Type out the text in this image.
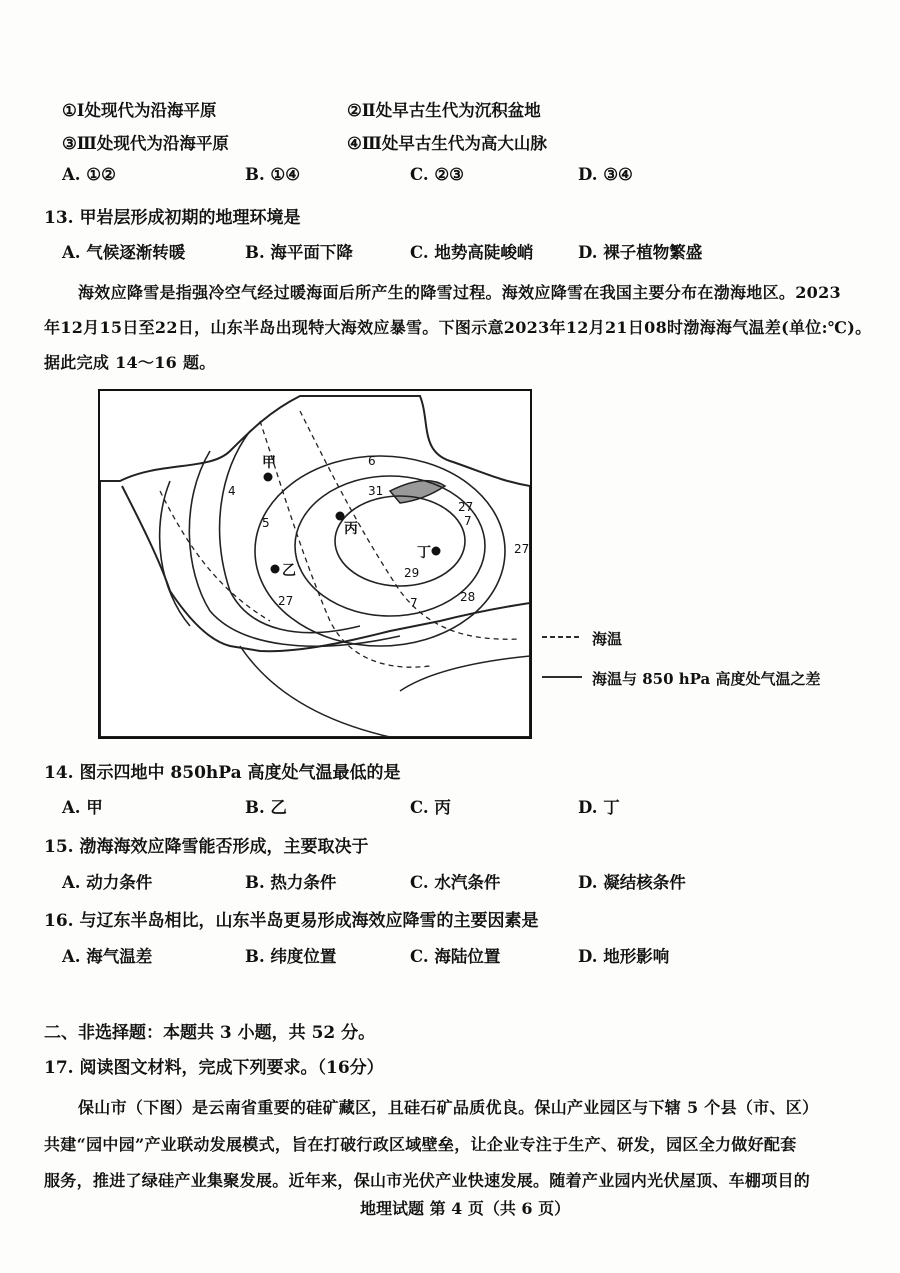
①Ⅰ处现代为沿海平原	②Ⅱ处早古生代为沉积盆地
③Ⅲ处现代为沿海平原	④Ⅲ处早古生代为高大山脉
A. ①②	B. ①④	C. ②③	D. ③④
13. 甲岩层形成初期的地理环境是
A. 气候逐渐转暖	B. 海平面下降	C. 地势高陡峻峭	D. 裸子植物繁盛
海效应降雪是指强冷空气经过暖海面后所产生的降雪过程。海效应降雪在我国主要分布在渤海地区。2023
年12月15日至22日，山东半岛出现特大海效应暴雪。下图示意2023年12月21日08时渤海海气温差(单位:℃)。
据此完成 14～16 题。
甲
乙
丙
丁
6
31
5
27
27
7
27
29
28
7
4
海温
海温与 850 hPa 高度处气温之差
14. 图示四地中 850hPa 高度处气温最低的是
A. 甲	B. 乙	C. 丙	D. 丁
15. 渤海海效应降雪能否形成，主要取决于
A. 动力条件	B. 热力条件	C. 水汽条件	D. 凝结核条件
16. 与辽东半岛相比，山东半岛更易形成海效应降雪的主要因素是
A. 海气温差	B. 纬度位置	C. 海陆位置	D. 地形影响
二、非选择题：本题共 3 小题，共 52 分。
17. 阅读图文材料，完成下列要求。（16分）
保山市（下图）是云南省重要的硅矿藏区，且硅石矿品质优良。保山产业园区与下辖 5 个县（市、区）
共建“园中园”产业联动发展模式，旨在打破行政区域壁垒，让企业专注于生产、研发，园区全力做好配套
服务，推进了绿硅产业集聚发展。近年来，保山市光伏产业快速发展。随着产业园内光伏屋顶、车棚项目的
地理试题 第 4 页（共 6 页）
